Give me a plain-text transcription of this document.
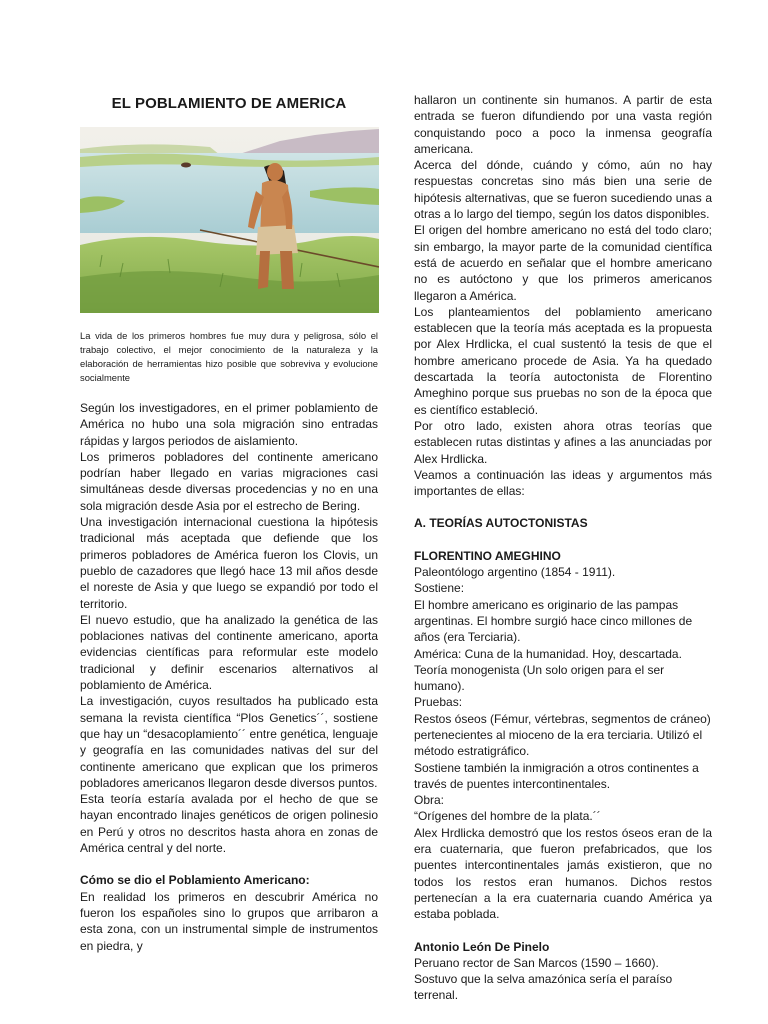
EL POBLAMIENTO DE AMERICA
La vida de los primeros hombres fue muy dura y peligrosa, sólo el trabajo colectivo, el mejor conocimiento de la naturaleza y la elaboración de herramientas hizo posible que sobreviva y evolucione socialmente

Según los investigadores, en el primer poblamiento de América no hubo una sola migración sino entradas rápidas y largos periodos de aislamiento.

Los primeros pobladores del continente americano podrían haber llegado en varias migraciones casi simultáneas desde diversas procedencias y no en una sola migración desde Asia por el estrecho de Bering.

Una investigación internacional cuestiona la hipótesis tradicional más aceptada que defiende que los primeros pobladores de América fueron los Clovis, un pueblo de cazadores que llegó hace 13 mil años desde el noreste de Asia y que luego se expandió por todo el territorio.

El nuevo estudio, que ha analizado la genética de las poblaciones nativas del continente americano, aporta evidencias científicas para reformular este modelo tradicional y definir escenarios alternativos al poblamiento de América.

La investigación, cuyos resultados ha publicado esta semana la revista científica “Plos Genetics´´, sostiene que hay un “desacoplamiento´´ entre genética, lenguaje y geografía en las comunidades nativas del sur del continente americano que explican que los primeros pobladores americanos llegaron desde diversos puntos.

Esta teoría estaría avalada por el hecho de que se hayan encontrado linajes genéticos de origen polinesio en Perú y otros no descritos hasta ahora en zonas de América central y del norte.

Cómo se dio el Poblamiento Americano:

En realidad los primeros en descubrir América no fueron los españoles sino lo grupos que arribaron a esta zona, con un instrumental simple de instrumentos en piedra, y

hallaron un continente sin humanos. A partir de esta entrada se fueron difundiendo por una vasta región conquistando poco a poco la inmensa geografía americana.

Acerca del dónde, cuándo y cómo, aún no hay respuestas concretas sino más bien una serie de hipótesis alternativas, que se fueron sucediendo unas a otras a lo largo del tiempo, según los datos disponibles.

El origen del hombre americano no está del todo claro; sin embargo, la mayor parte de la comunidad científica está de acuerdo en señalar que el hombre americano no es autóctono y que los primeros americanos llegaron a América.

Los planteamientos del poblamiento americano establecen que la teoría más aceptada es la propuesta por Alex Hrdlicka, el cual sustentó la tesis de que el hombre americano procede de Asia. Ya ha quedado descartada la teoría autoctonista de Florentino Ameghino porque sus pruebas no son de la época que es científico estableció.

Por otro lado, existen ahora otras teorías que establecen rutas distintas y afines a las anunciadas por Alex Hrdlicka.

Veamos a continuación las ideas y argumentos más importantes de ellas:

A. TEORÍAS AUTOCTONISTAS

FLORENTINO AMEGHINO

Paleontólogo argentino (1854 - 1911).

Sostiene:

El hombre americano es originario de las pampas argentinas. El hombre surgió hace cinco millones de años (era Terciaria).

América: Cuna de la humanidad. Hoy, descartada.

Teoría monogenista (Un solo origen para el ser humano).

Pruebas:

Restos óseos (Fémur, vértebras, segmentos de cráneo) pertenecientes al mioceno de la era terciaria. Utilizó el método estratigráfico.

Sostiene también la inmigración a otros continentes a través de puentes intercontinentales.

Obra:

“Orígenes del hombre de la plata.´´

Alex Hrdlicka demostró que los restos óseos eran de la era cuaternaria, que fueron prefabricados, que los puentes intercontinentales jamás existieron, que no todos los restos eran humanos. Dichos restos pertenecían a la era cuaternaria cuando América ya estaba poblada.

Antonio León De Pinelo

Peruano rector de San Marcos (1590 – 1660).

Sostuvo que la selva amazónica sería el paraíso terrenal.
